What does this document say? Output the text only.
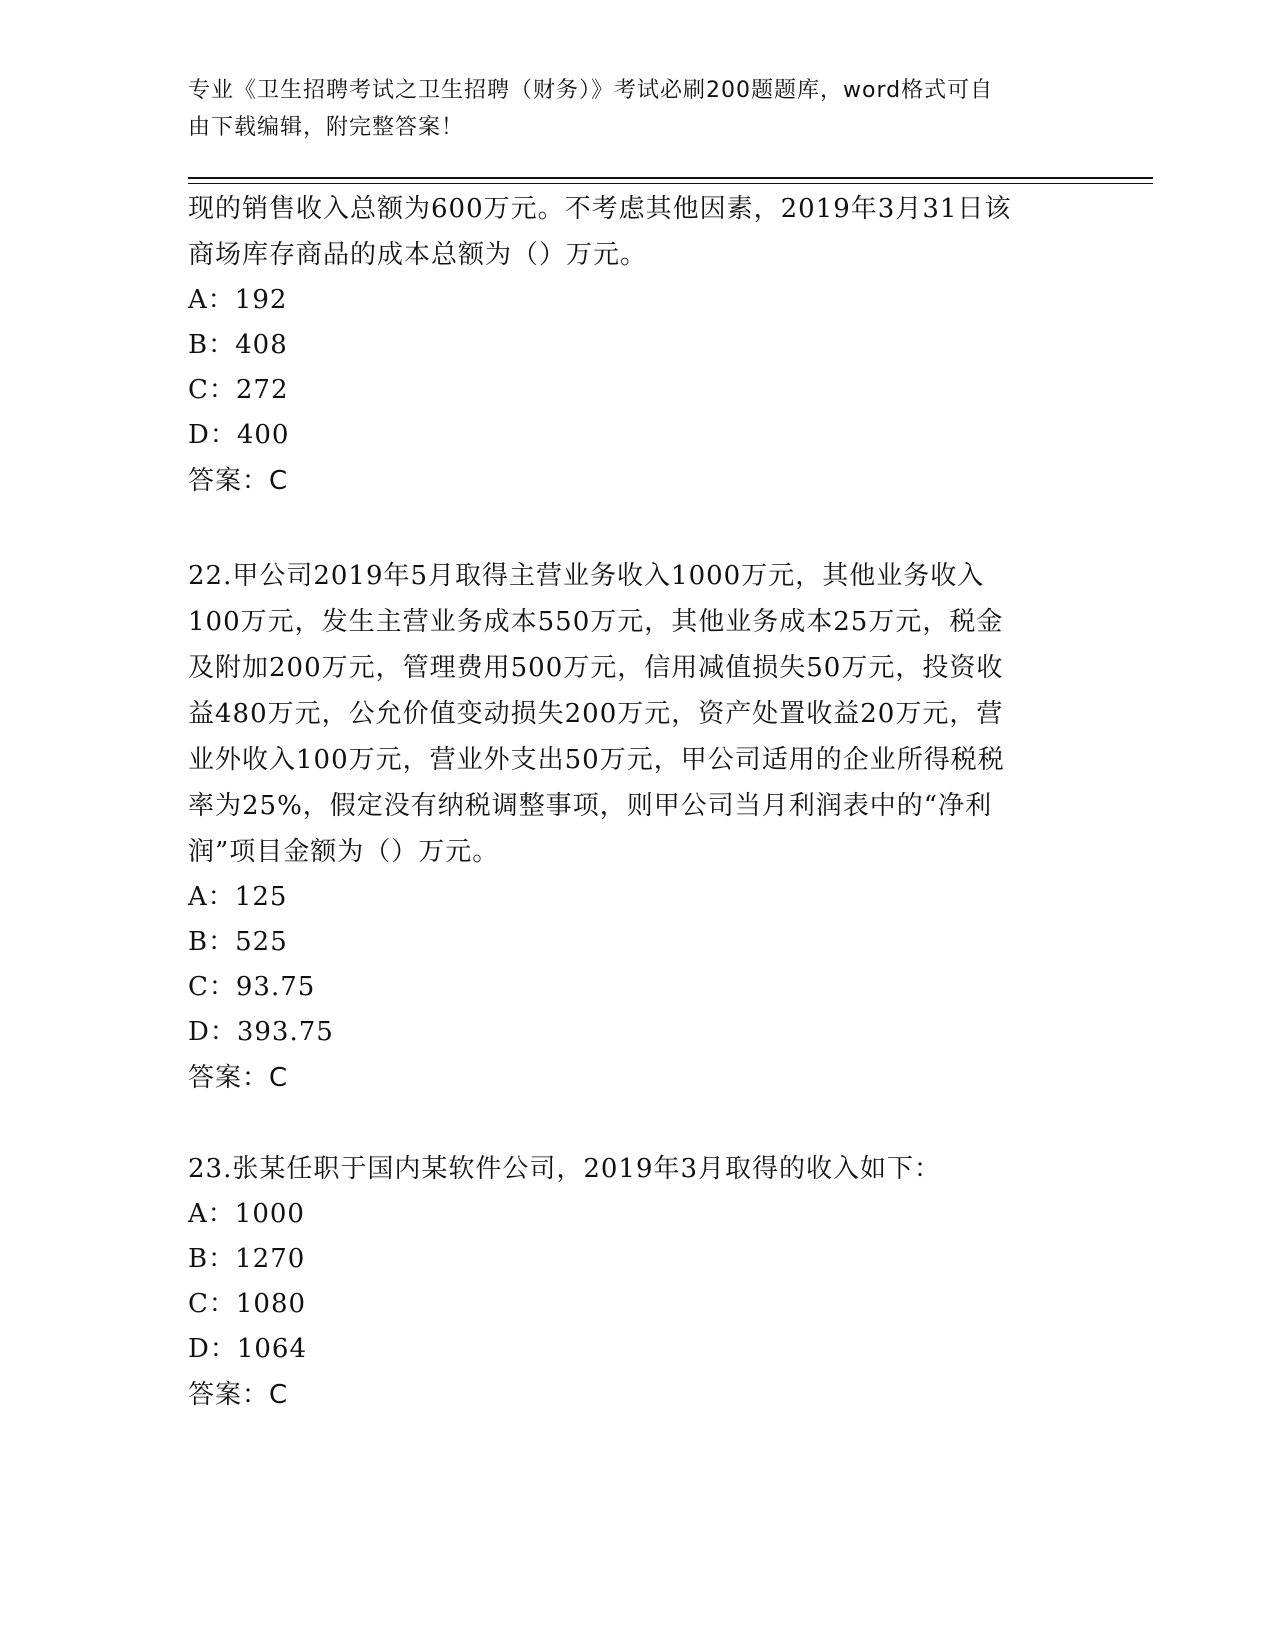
专业《卫生招聘考试之卫生招聘（财务）》考试必刷200题题库，word格式可自
由下载编辑，附完整答案！

现的销售收入总额为600万元。不考虑其他因素，2019年3月31日该

商场库存商品的成本总额为（）万元。

A：192

B：408

C：272

D：400

答案：C

22.甲公司2019年5月取得主营业务收入1000万元，其他业务收入

100万元，发生主营业务成本550万元，其他业务成本25万元，税金

及附加200万元，管理费用500万元，信用减值损失50万元，投资收

益480万元，公允价值变动损失200万元，资产处置收益20万元，营

业外收入100万元，营业外支出50万元，甲公司适用的企业所得税税

率为25%，假定没有纳税调整事项，则甲公司当月利润表中的“净利

润”项目金额为（）万元。

A：125

B：525

C：93.75

D：393.75

答案：C

23.张某任职于国内某软件公司，2019年3月取得的收入如下：

A：1000

B：1270

C：1080

D：1064

答案：C
